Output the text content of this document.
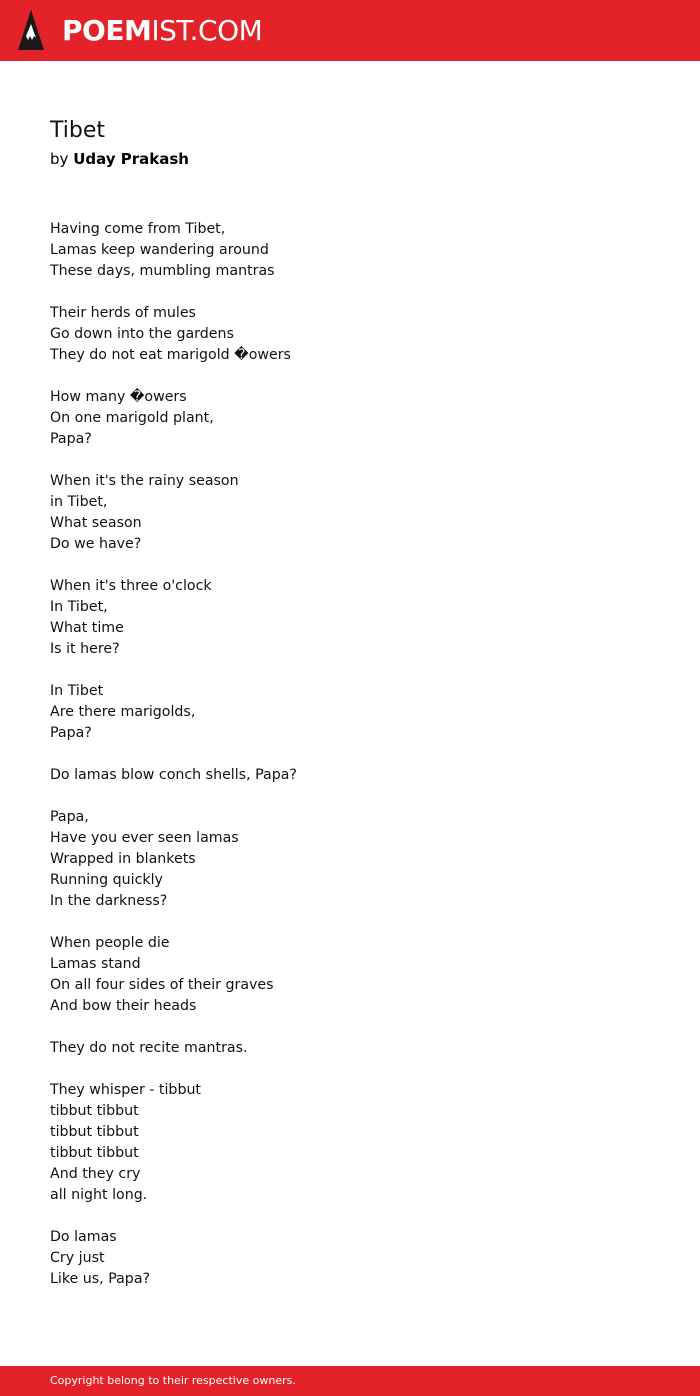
POEMIST.COM
Tibet
by Uday Prakash
Having come from Tibet,
Lamas keep wandering around
These days, mumbling mantras
Their herds of mules
Go down into the gardens
They do not eat marigold �owers
How many �owers
On one marigold plant,
Papa?
When it's the rainy season
in Tibet,
What season
Do we have?
When it's three o'clock
In Tibet,
What time
Is it here?
In Tibet
Are there marigolds,
Papa?
Do lamas blow conch shells, Papa?
Papa,
Have you ever seen lamas
Wrapped in blankets
Running quickly
In the darkness?
When people die
Lamas stand
On all four sides of their graves
And bow their heads
They do not recite mantras.
They whisper - tibbut
tibbut tibbut
tibbut tibbut
tibbut tibbut
And they cry
all night long.
Do lamas
Cry just
Like us, Papa?
Copyright belong to their respective owners.
